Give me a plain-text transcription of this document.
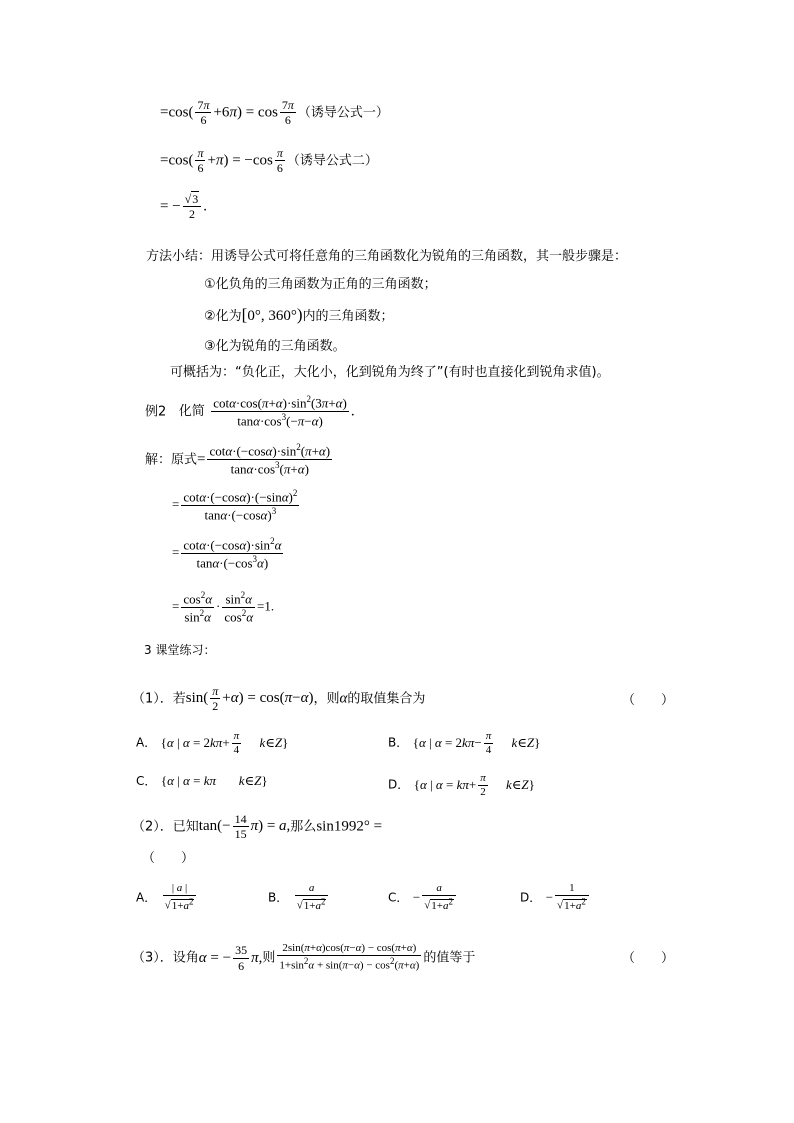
$=\cos( \frac{7\pi}{6} +6\pi) = \cos \frac{7\pi}{6}$ （诱导公式一）
$=\cos( \frac{\pi}{6} +\pi) = -\cos \frac{\pi}{6}$ （诱导公式二）
= − $\frac{√3}{2}$ .
方法小结：用诱导公式可将任意角的三角函数化为锐角的三角函数，其一般步骤是：
①化负角的三角函数为正角的三角函数；
②化为[0°, 360°)内的三角函数；
③化为锐角的三角函数。
可概括为：“负化正，大化小，化到锐角为终了”(有时也直接化到锐角求值)。
例2 化简 $\frac{\cot\alpha\cdot\cos(\pi+\alpha)\cdot\sin^2(3\pi+\alpha)}{\tan\alpha\cdot\cos^3(-\pi-\alpha)}$ .
解：原式= $\frac{\cot\alpha\cdot(-\cos\alpha)\cdot\sin^2(\pi+\alpha)}{\tan\alpha\cdot\cos^3(\pi+\alpha)}$
= $\frac{\cot\alpha\cdot(-\cos\alpha)\cdot(-\sin\alpha)^2}{\tan\alpha\cdot(-\cos\alpha)^3}$
= $\frac{\cot\alpha\cdot(-\cos\alpha)\cdot\sin^2\alpha}{\tan\alpha\cdot(-\cos^3\alpha)}$
= $\frac{\cos^2\alpha}{\sin^2\alpha} \cdot \frac{\sin^2\alpha}{\cos^2\alpha} =1$.
3 课堂练习：
（1）．若$\sin( \frac{\pi}{2} +\alpha) = \cos(\pi-\alpha)$，则α的取值集合为	（　　）
A． {α | $\alpha = 2k\pi+ \frac{\pi}{4}$ k∈Z}	B． {α | $\alpha = 2k\pi- \frac{\pi}{4}$ k∈Z}
C． {α | α = kπ k∈Z}	D． {α | $\alpha = k\pi+ \frac{\pi}{2}$ k∈Z}
（2）．已知$\tan(- \frac{14}{15} \pi) = a$,那么sin1992° =
（　　）
A． $\frac{| a |}{√1+a^2}$	B． $\frac{a}{√1+a^2}$	C． − $\frac{a}{√1+a^2}$	D． − $\frac{1}{√1+a^2}$
（3）．设角α = − $\frac{35}{6} \pi$,则 $\frac{2\sin(\pi+\alpha)\cos(\pi-\alpha) - \cos(\pi+\alpha)}{1+\sin^2\alpha + \sin(\pi-\alpha) - \cos^2(\pi+\alpha)}$ 的值等于	（　　）
